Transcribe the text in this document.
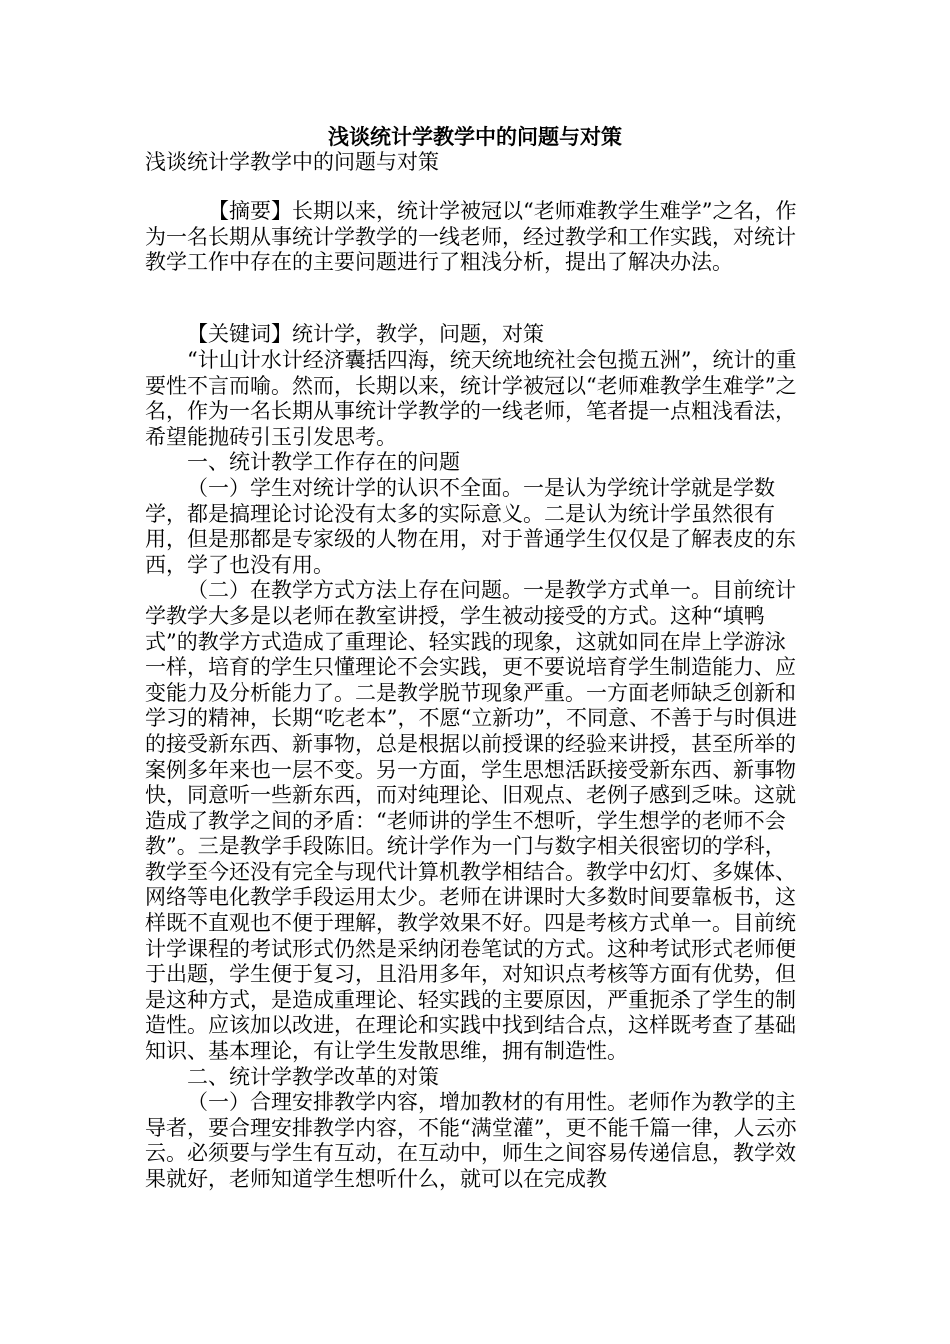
浅谈统计学教学中的问题与对策
浅谈统计学教学中的问题与对策
【摘要】长期以来，统计学被冠以“老师难教学生难学”之名，作为一名长期从事统计学教学的一线老师，经过教学和工作实践，对统计教学工作中存在的主要问题进行了粗浅分析，提出了解决办法。
【关键词】统计学，教学，问题，对策

“计山计水计经济囊括四海，统天统地统社会包揽五洲”，统计的重要性不言而喻。然而，长期以来，统计学被冠以“老师难教学生难学”之名，作为一名长期从事统计学教学的一线老师，笔者提一点粗浅看法，希望能抛砖引玉引发思考。

一、统计教学工作存在的问题

（一）学生对统计学的认识不全面。一是认为学统计学就是学数学，都是搞理论讨论没有太多的实际意义。二是认为统计学虽然很有用，但是那都是专家级的人物在用，对于普通学生仅仅是了解表皮的东西，学了也没有用。

（二）在教学方式方法上存在问题。一是教学方式单一。目前统计学教学大多是以老师在教室讲授，学生被动接受的方式。这种“填鸭式”的教学方式造成了重理论、轻实践的现象，这就如同在岸上学游泳一样，培育的学生只懂理论不会实践，更不要说培育学生制造能力、应变能力及分析能力了。二是教学脱节现象严重。一方面老师缺乏创新和学习的精神，长期“吃老本”，不愿“立新功”，不同意、不善于与时俱进的接受新东西、新事物，总是根据以前授课的经验来讲授，甚至所举的案例多年来也一层不变。另一方面，学生思想活跃接受新东西、新事物快，同意听一些新东西，而对纯理论、旧观点、老例子感到乏味。这就造成了教学之间的矛盾：“老师讲的学生不想听，学生想学的老师不会教”。三是教学手段陈旧。统计学作为一门与数字相关很密切的学科，教学至今还没有完全与现代计算机教学相结合。教学中幻灯、多媒体、网络等电化教学手段运用太少。老师在讲课时大多数时间要靠板书，这样既不直观也不便于理解，教学效果不好。四是考核方式单一。目前统计学课程的考试形式仍然是采纳闭卷笔试的方式。这种考试形式老师便于出题，学生便于复习，且沿用多年，对知识点考核等方面有优势，但是这种方式，是造成重理论、轻实践的主要原因，严重扼杀了学生的制造性。应该加以改进，在理论和实践中找到结合点，这样既考查了基础知识、基本理论，有让学生发散思维，拥有制造性。

二、统计学教学改革的对策

（一）合理安排教学内容，增加教材的有用性。老师作为教学的主导者，要合理安排教学内容，不能“满堂灌”，更不能千篇一律，人云亦云。必须要与学生有互动，在互动中，师生之间容易传递信息，教学效果就好，老师知道学生想听什么，就可以在完成教
